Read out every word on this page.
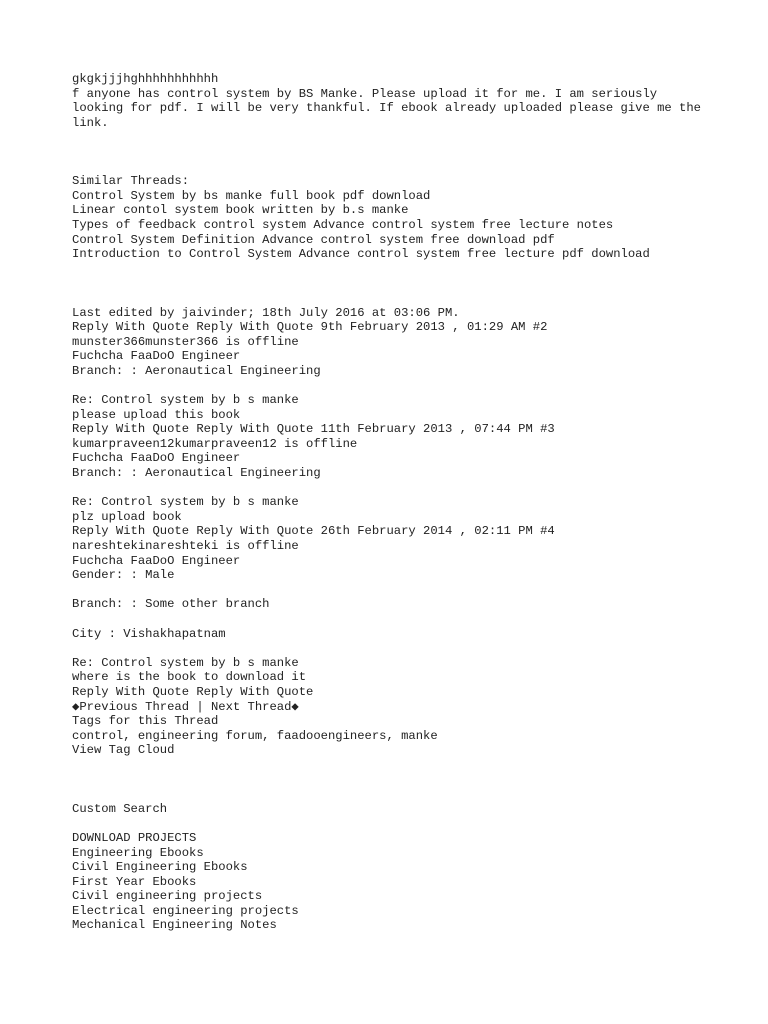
gkgkjjjhghhhhhhhhhhh
f anyone has control system by BS Manke. Please upload it for me. I am seriously looking for pdf. I will be very thankful. If ebook already uploaded please give me the link.
Similar Threads:
Control System by bs manke full book pdf download
Linear contol system book written by b.s manke
Types of feedback control system Advance control system free lecture notes
Control System Definition Advance control system free download pdf
Introduction to Control System Advance control system free lecture pdf download
Last edited by jaivinder; 18th July 2016 at 03:06 PM.
Reply With Quote Reply With Quote 9th February 2013 , 01:29 AM #2
munster366munster366 is offline
Fuchcha FaaDoO Engineer
Branch: : Aeronautical Engineering
Re: Control system by b s manke
please upload this book
Reply With Quote Reply With Quote 11th February 2013 , 07:44 PM #3
kumarpraveen12kumarpraveen12 is offline
Fuchcha FaaDoO Engineer
Branch: : Aeronautical Engineering
Re: Control system by b s manke
plz upload book
Reply With Quote Reply With Quote 26th February 2014 , 02:11 PM #4
nareshtekinareshteki is offline
Fuchcha FaaDoO Engineer
Gender: : Male
Branch: : Some other branch
City : Vishakhapatnam
Re: Control system by b s manke
where is the book to download it
Reply With Quote Reply With Quote
◆Previous Thread | Next Thread◆
Tags for this Thread
control, engineering forum, faadooengineers, manke
View Tag Cloud
Custom Search
DOWNLOAD PROJECTS
Engineering Ebooks
Civil Engineering Ebooks
First Year Ebooks
Civil engineering projects
Electrical engineering projects
Mechanical Engineering Notes
